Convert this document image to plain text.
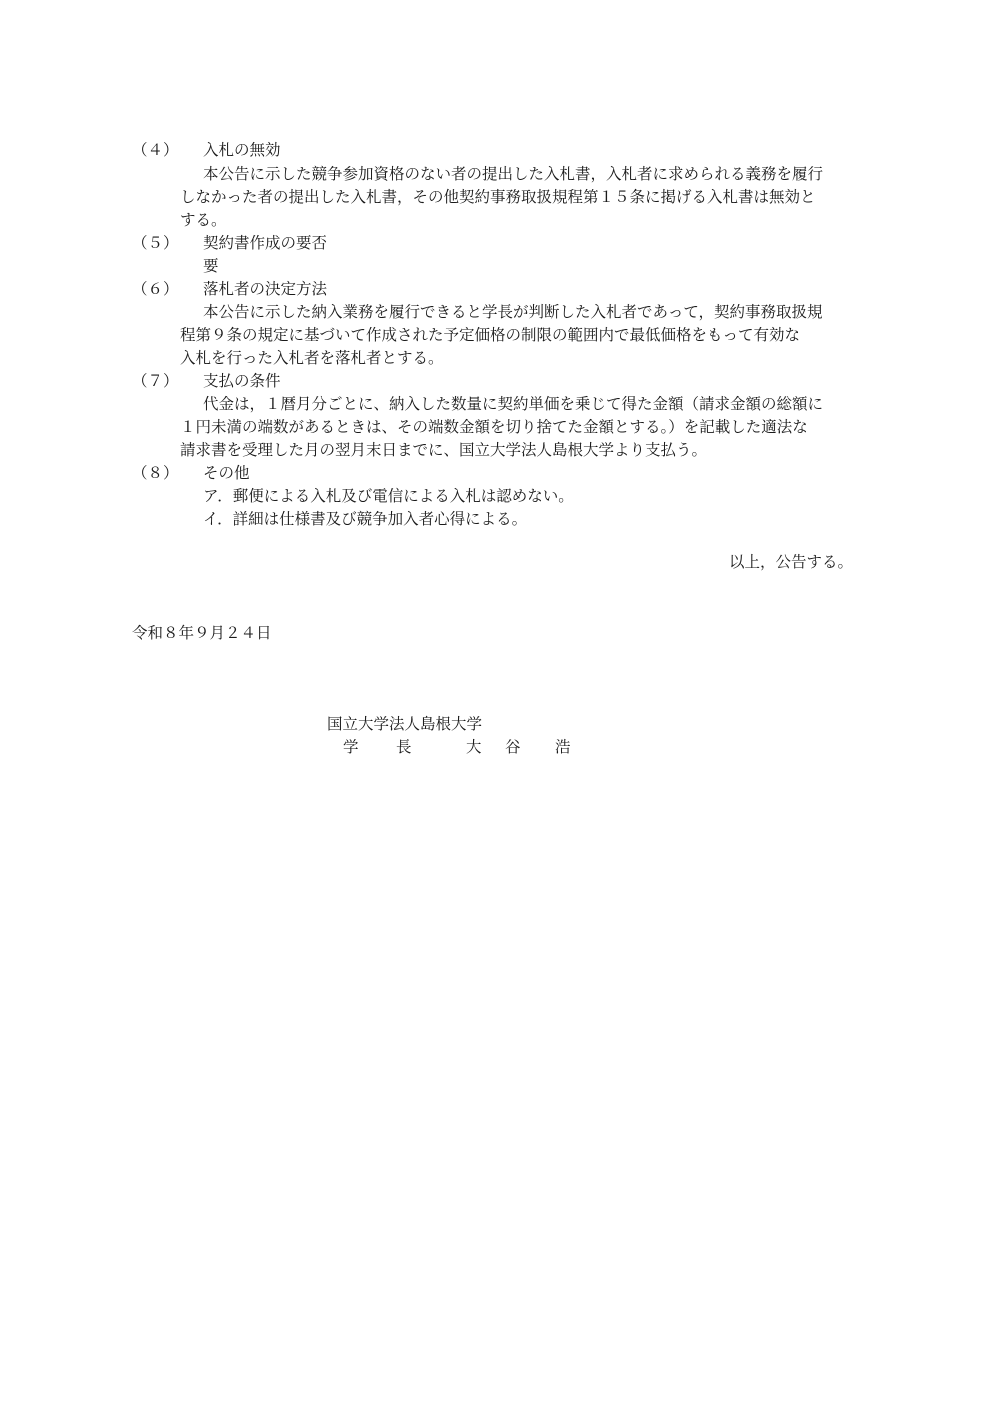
（４） 入札の無効
本公告に示した競争参加資格のない者の提出した入札書，入札者に求められる義務を履行
しなかった者の提出した入札書，その他契約事務取扱規程第１５条に掲げる入札書は無効と
する。
（５） 契約書作成の要否
要
（６） 落札者の決定方法
本公告に示した納入業務を履行できると学長が判断した入札者であって，契約事務取扱規
程第９条の規定に基づいて作成された予定価格の制限の範囲内で最低価格をもって有効な
入札を行った入札者を落札者とする。
（７） 支払の条件
代金は，１暦月分ごとに、納入した数量に契約単価を乗じて得た金額（請求金額の総額に
１円未満の端数があるときは、その端数金額を切り捨てた金額とする。）を記載した適法な
請求書を受理した月の翌月末日までに、国立大学法人島根大学より支払う。
（８） その他
ア．郵便による入札及び電信による入札は認めない。
イ．詳細は仕様書及び競争加入者心得による。
以上，公告する。
令和８年９月２４日
国立大学法人島根大学
学 長	大 谷 浩
